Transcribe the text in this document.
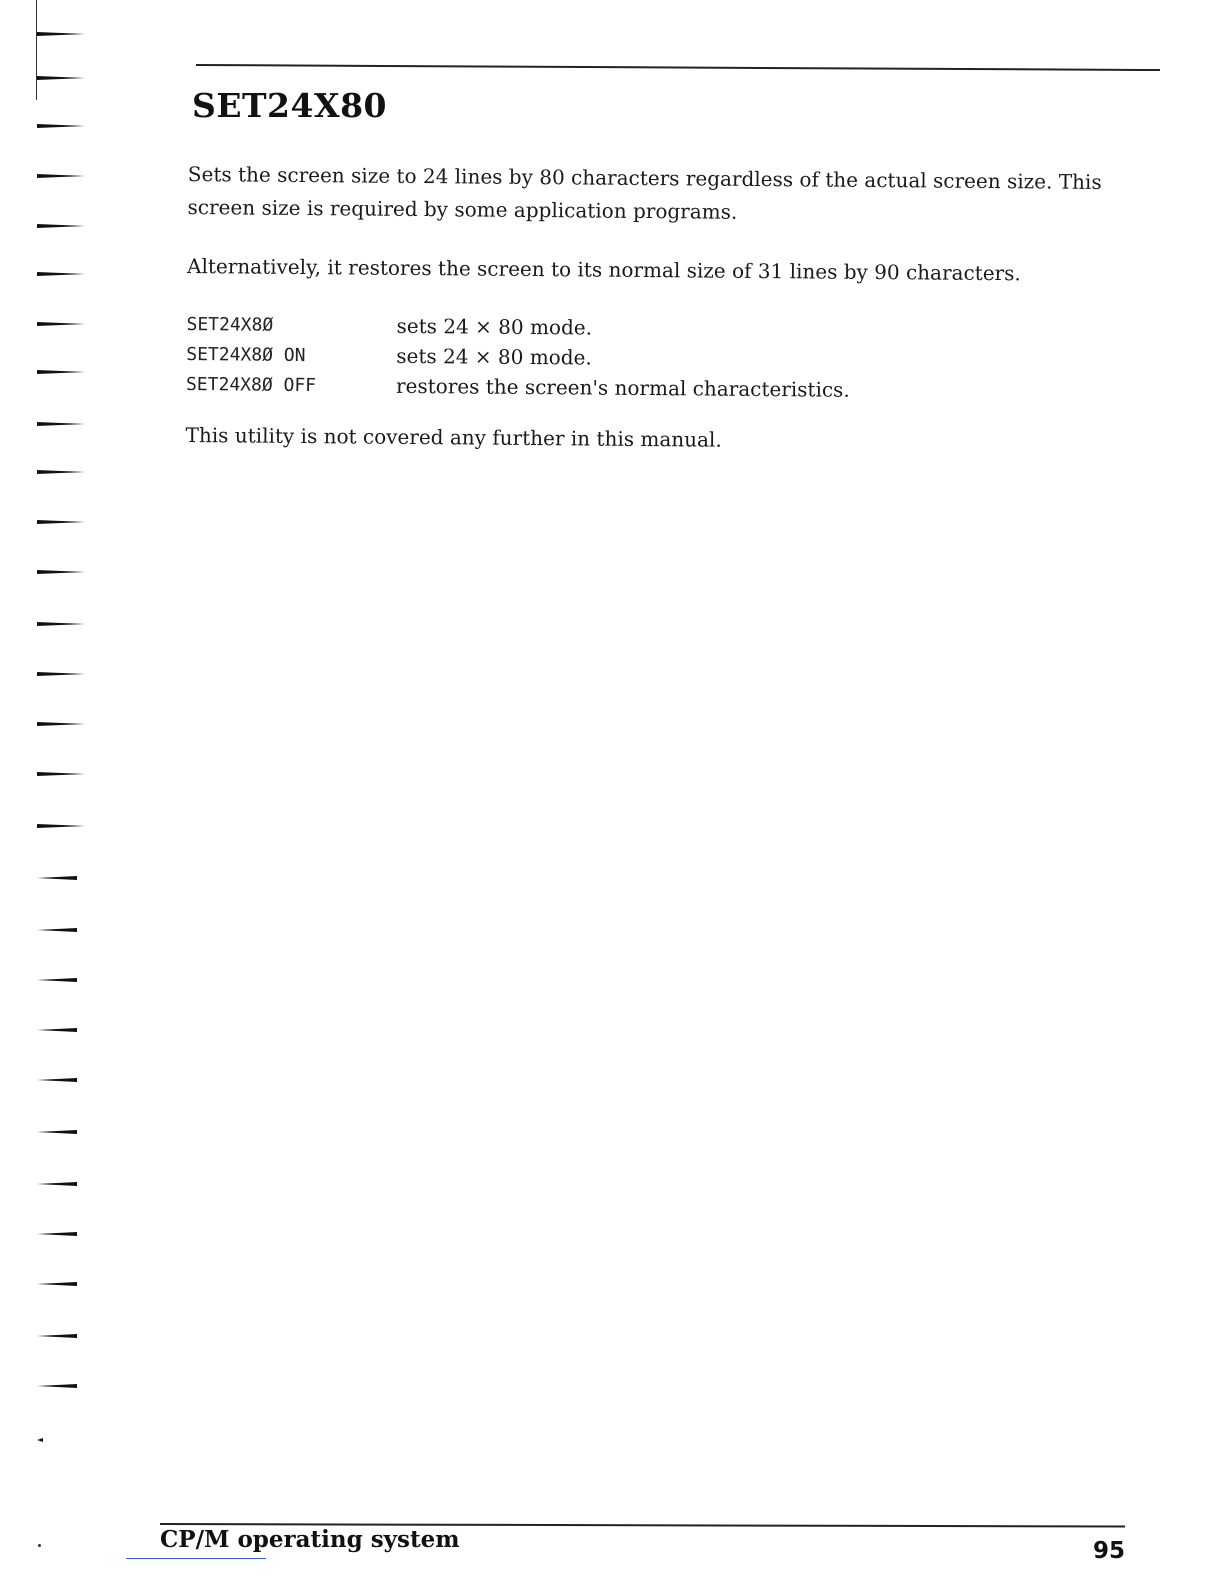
SET24X80

Sets the screen size to 24 lines by 80 characters regardless of the actual screen size. This screen size is required by some application programs.

Alternatively, it restores the screen to its normal size of 31 lines by 90 characters.

SET24X8Ø	sets 24 × 80 mode.
SET24X8Ø ON	sets 24 × 80 mode.
SET24X8Ø OFF	restores the screen's normal characteristics.

This utility is not covered any further in this manual.

CP/M operating system	95
